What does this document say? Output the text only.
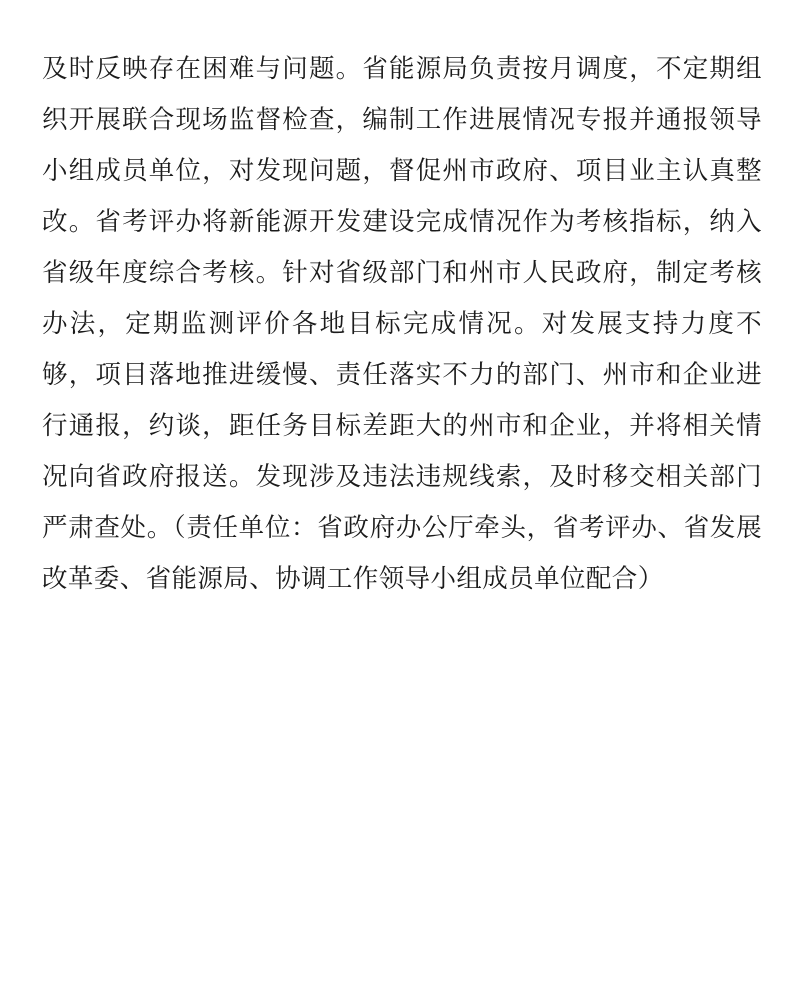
及时反映存在困难与问题。省能源局负责按月调度，不定期组织开展联合现场监督检查，编制工作进展情况专报并通报领导小组成员单位，对发现问题，督促州市政府、项目业主认真整改。省考评办将新能源开发建设完成情况作为考核指标，纳入省级年度综合考核。针对省级部门和州市人民政府，制定考核办法，定期监测评价各地目标完成情况。对发展支持力度不够，项目落地推进缓慢、责任落实不力的部门、州市和企业进行通报，约谈，距任务目标差距大的州市和企业，并将相关情况向省政府报送。发现涉及违法违规线索，及时移交相关部门严肃查处。（责任单位：省政府办公厅牵头，省考评办、省发展改革委、省能源局、协调工作领导小组成员单位配合）
